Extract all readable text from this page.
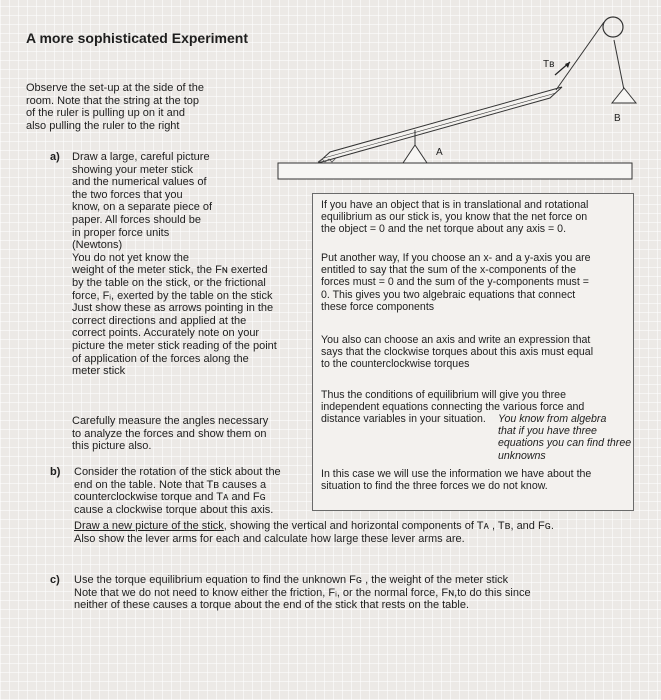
A more sophisticated Experiment

Observe the set-up at the side of the
room. Note that the string at the top
of the ruler is pulling up on it and
also pulling the ruler to the right

Tʙ
A
B
a) Draw a large, careful picture
showing your meter stick
and the numerical values of
the two forces that you
know, on a separate piece of
paper. All forces should be
in proper force units
(Newtons)
You do not yet know the
weight of the meter stick, the Fɴ exerted
by the table on the stick, or the frictional
force, Fᵢ, exerted by the table on the stick
Just show these as arrows pointing in the
correct directions and applied at the
correct points. Accurately note on your
picture the meter stick reading of the point
of application of the forces along the
meter stick

Carefully measure the angles necessary
to analyze the forces and show them on
this picture also.

If you have an object that is in translational and rotational
equilibrium as our stick is, you know that the net force on
the object = 0 and the net torque about any axis = 0.

Put another way, If you choose an x- and a y-axis you are
entitled to say that the sum of the x-components of the
forces must = 0 and the sum of the y-components must =
0. This gives you two algebraic equations that connect
these force components

You also can choose an axis and write an expression that
says that the clockwise torques about this axis must equal
to the counterclockwise torques

Thus the conditions of equilibrium will give you three
independent equations connecting the various force and
distance variables in your situation.	You know from algebra
that if you have three equations you can find three
unknowns

In this case we will use the information we have about the
situation to find the three forces we do not know.

b) Consider the rotation of the stick about the
end on the table. Note that Tʙ causes a
counterclockwise torque and Tᴀ and Fɢ
cause a clockwise torque about this axis.

Draw a new picture of the stick, showing the vertical and horizontal components of Tᴀ , Tʙ, and Fɢ.

Also show the lever arms for each and calculate how large these lever arms are.

c) Use the torque equilibrium equation to find the unknown Fɢ , the weight of the meter stick
Note that we do not need to know either the friction, Fᵢ, or the normal force, Fɴ,to do this since
neither of these causes a torque about the end of the stick that rests on the table.
